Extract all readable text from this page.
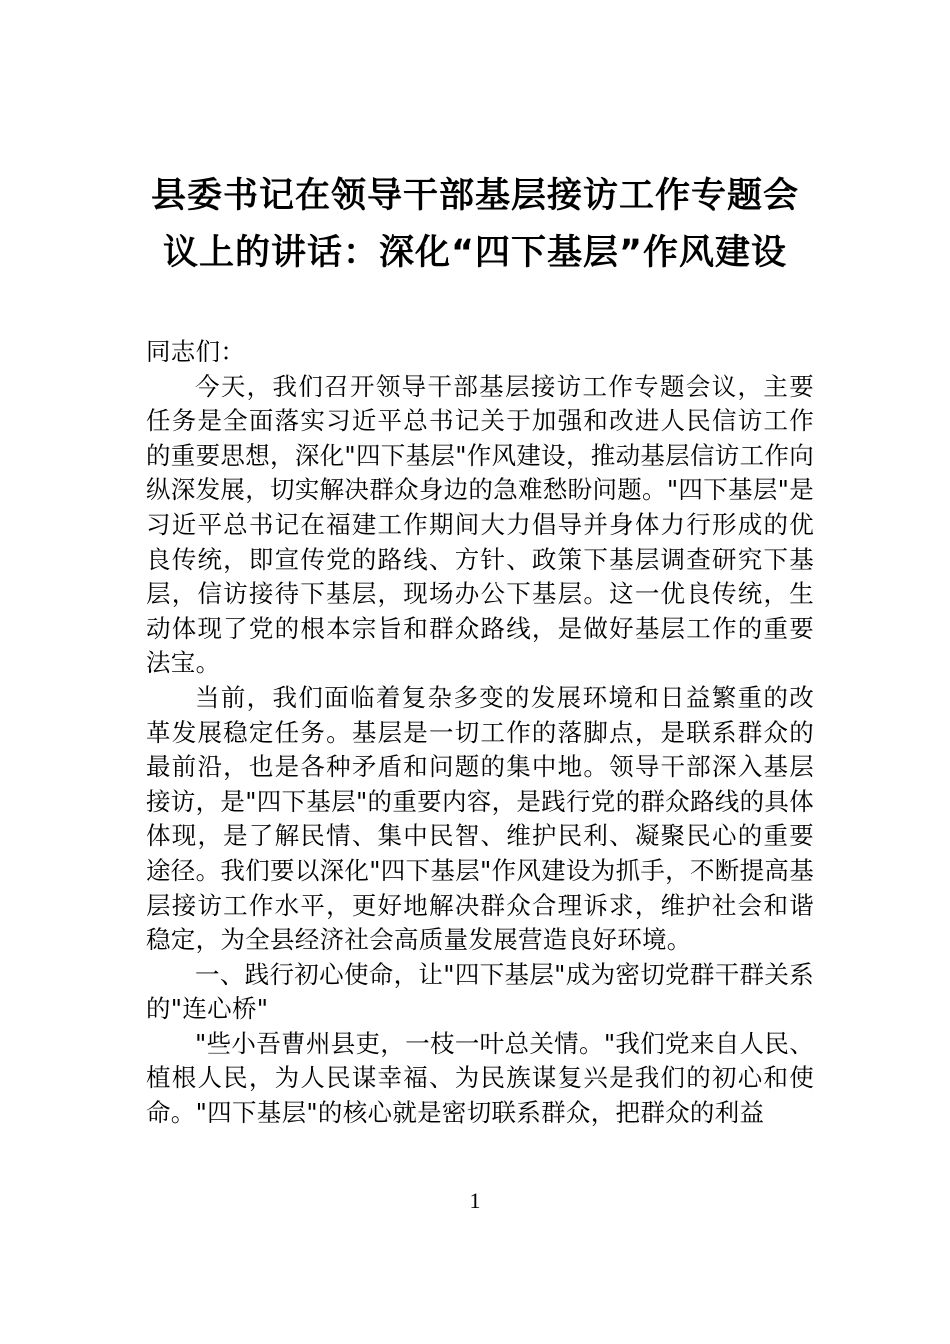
县委书记在领导干部基层接访工作专题会议上的讲话：深化“四下基层”作风建设

同志们：

今天，我们召开领导干部基层接访工作专题会议，主要任务是全面落实习近平总书记关于加强和改进人民信访工作的重要思想，深化"四下基层"作风建设，推动基层信访工作向纵深发展，切实解决群众身边的急难愁盼问题。"四下基层"是习近平总书记在福建工作期间大力倡导并身体力行形成的优良传统，即宣传党的路线、方针、政策下基层调查研究下基层，信访接待下基层，现场办公下基层。这一优良传统，生动体现了党的根本宗旨和群众路线，是做好基层工作的重要法宝。

当前，我们面临着复杂多变的发展环境和日益繁重的改革发展稳定任务。基层是一切工作的落脚点，是联系群众的最前沿，也是各种矛盾和问题的集中地。领导干部深入基层接访，是"四下基层"的重要内容，是践行党的群众路线的具体体现，是了解民情、集中民智、维护民利、凝聚民心的重要途径。我们要以深化"四下基层"作风建设为抓手，不断提高基层接访工作水平，更好地解决群众合理诉求，维护社会和谐稳定，为全县经济社会高质量发展营造良好环境。

一、践行初心使命，让"四下基层"成为密切党群干群关系的"连心桥"

"些小吾曹州县吏，一枝一叶总关情。"我们党来自人民、植根人民，为人民谋幸福、为民族谋复兴是我们的初心和使命。"四下基层"的核心就是密切联系群众，把群众的利益

1
